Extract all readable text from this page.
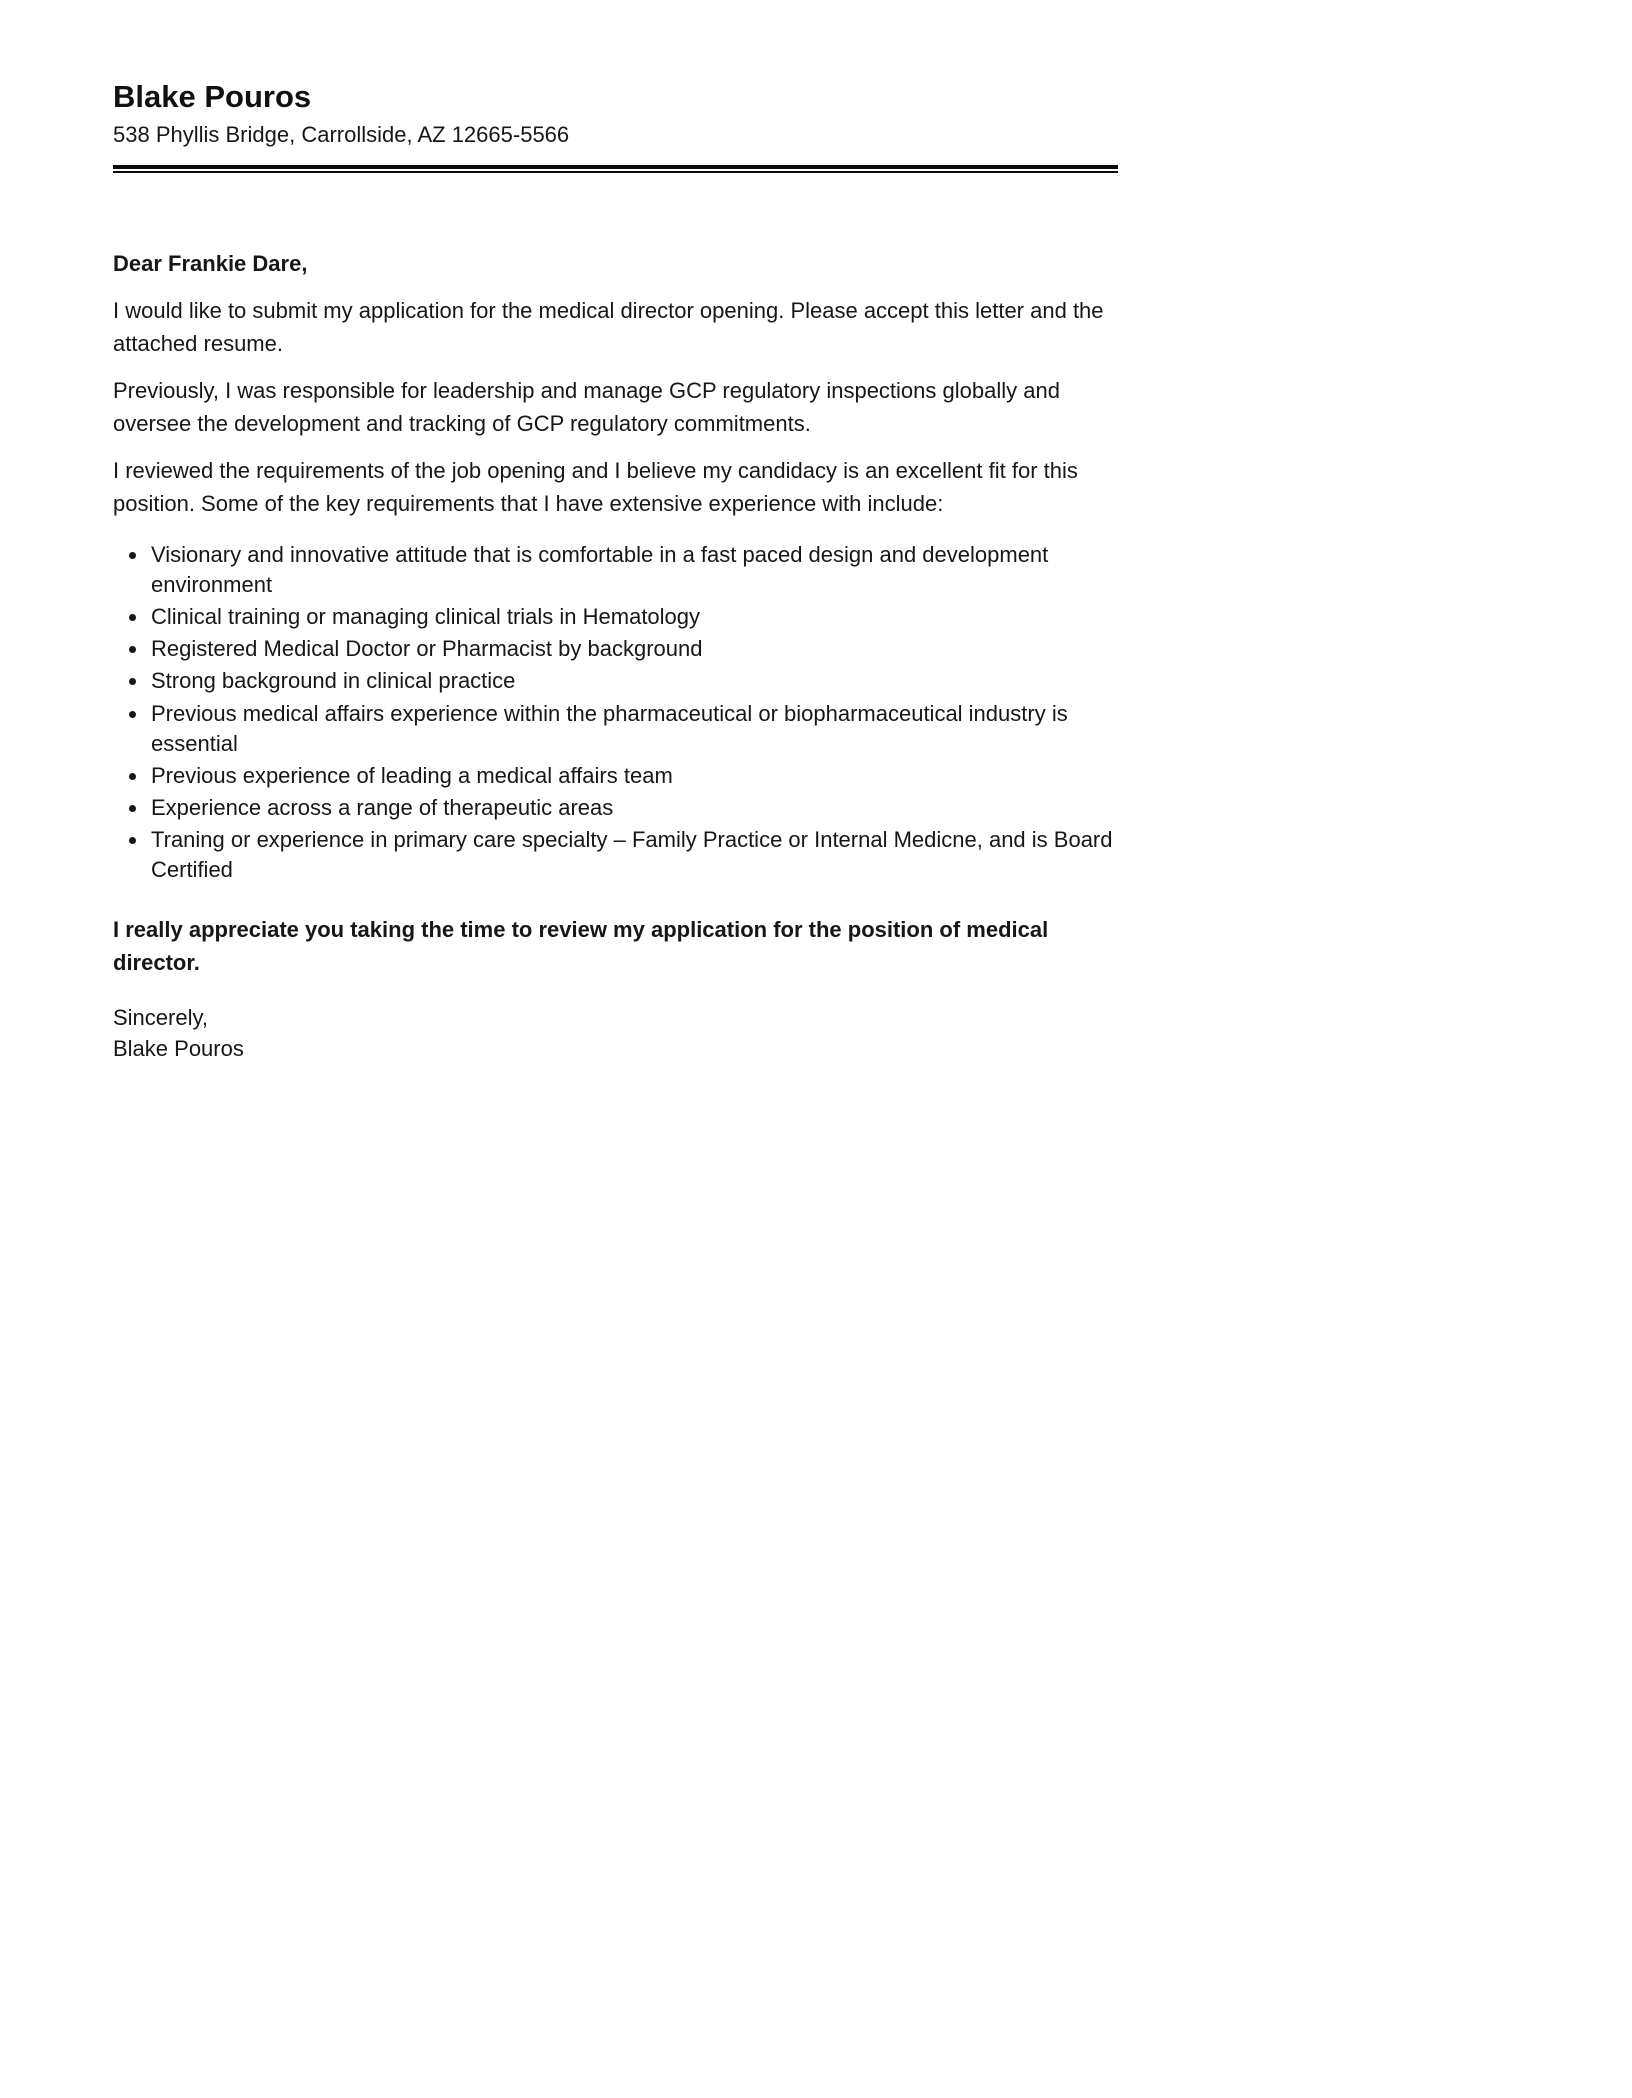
Blake Pouros
538 Phyllis Bridge, Carrollside, AZ 12665-5566

Dear Frankie Dare,

I would like to submit my application for the medical director opening. Please accept this letter and the attached resume.

Previously, I was responsible for leadership and manage GCP regulatory inspections globally and oversee the development and tracking of GCP regulatory commitments.

I reviewed the requirements of the job opening and I believe my candidacy is an excellent fit for this position. Some of the key requirements that I have extensive experience with include:

• Visionary and innovative attitude that is comfortable in a fast paced design and development environment
• Clinical training or managing clinical trials in Hematology
• Registered Medical Doctor or Pharmacist by background
• Strong background in clinical practice
• Previous medical affairs experience within the pharmaceutical or biopharmaceutical industry is essential
• Previous experience of leading a medical affairs team
• Experience across a range of therapeutic areas
• Traning or experience in primary care specialty – Family Practice or Internal Medicne, and is Board Certified

I really appreciate you taking the time to review my application for the position of medical director.

Sincerely,

Blake Pouros
